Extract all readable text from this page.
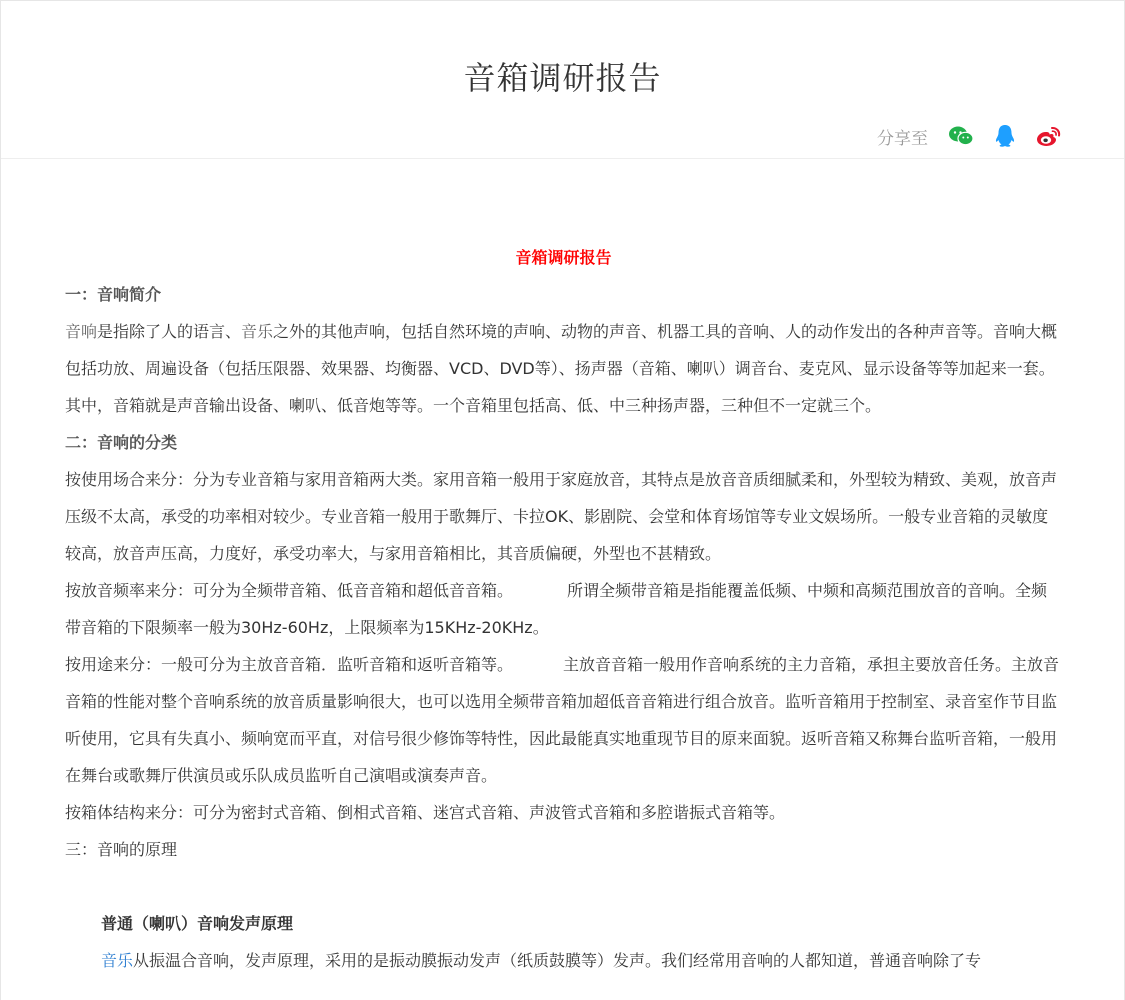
音箱调研报告
分享至
音箱调研报告
一：音响简介

音响是指除了人的语言、音乐之外的其他声响，包括自然环境的声响、动物的声音、机器工具的音响、人的动作发出的各种声音等。音响大概包括功放、周遍设备（包括压限器、效果器、均衡器、VCD、DVD等）、扬声器（音箱、喇叭）调音台、麦克风、显示设备等等加起来一套。其中，音箱就是声音输出设备、喇叭、低音炮等等。一个音箱里包括高、低、中三种扬声器，三种但不一定就三个。

二：音响的分类

按使用场合来分：分为专业音箱与家用音箱两大类。家用音箱一般用于家庭放音，其特点是放音音质细腻柔和，外型较为精致、美观，放音声压级不太高，承受的功率相对较少。专业音箱一般用于歌舞厅、卡拉OK、影剧院、会堂和体育场馆等专业文娱场所。一般专业音箱的灵敏度较高，放音声压高，力度好，承受功率大，与家用音箱相比，其音质偏硬，外型也不甚精致。

按放音频率来分：可分为全频带音箱、低音音箱和超低音音箱。	所谓全频带音箱是指能覆盖低频、中频和高频范围放音的音响。全频带音箱的下限频率一般为30Hz-60Hz，上限频率为15KHz-20KHz。

按用途来分：一般可分为主放音音箱．监听音箱和返听音箱等。	主放音音箱一般用作音响系统的主力音箱，承担主要放音任务。主放音音箱的性能对整个音响系统的放音质量影响很大，也可以选用全频带音箱加超低音音箱进行组合放音。监听音箱用于控制室、录音室作节目监听使用，它具有失真小、频响宽而平直，对信号很少修饰等特性，因此最能真实地重现节目的原来面貌。返听音箱又称舞台监听音箱，一般用在舞台或歌舞厅供演员或乐队成员监听自己演唱或演奏声音。

按箱体结构来分：可分为密封式音箱、倒相式音箱、迷宫式音箱、声波管式音箱和多腔谐振式音箱等。

三：音响的原理

普通（喇叭）音响发声原理

音乐从振温合音响，发声原理，采用的是振动膜振动发声（纸质鼓膜等）发声。我们经常用音响的人都知道，普通音响除了专
